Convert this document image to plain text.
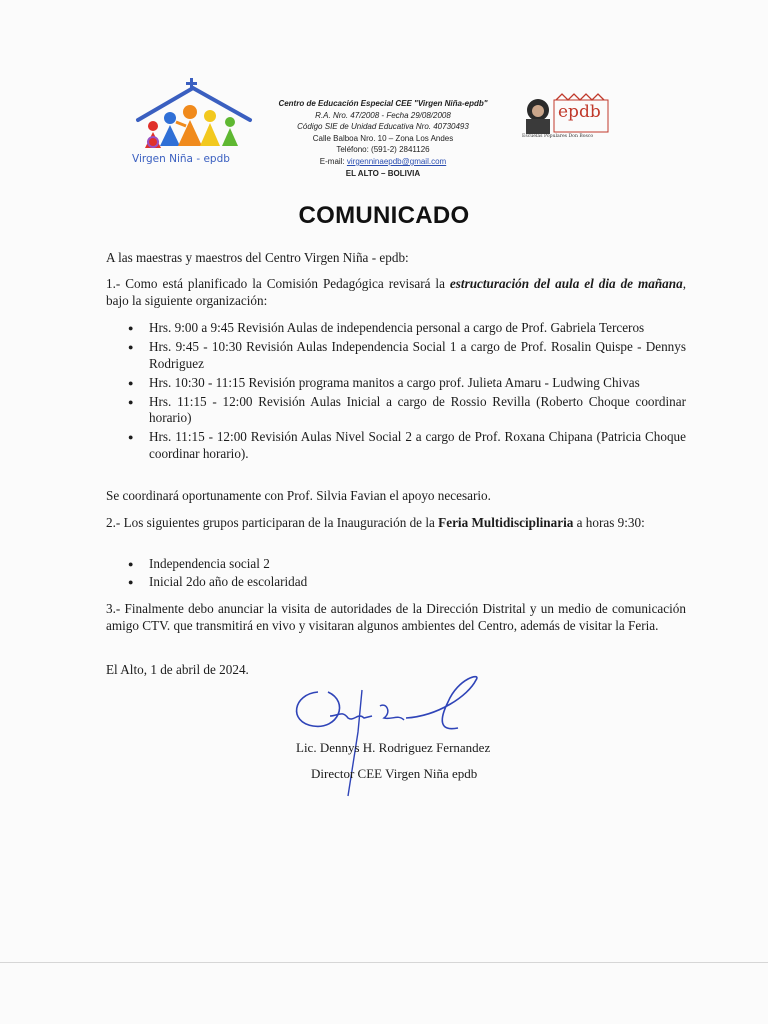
Virgen Niña - epdb
Centro de Educación Especial CEE "Virgen Niña-epdb"
R.A. Nro. 47/2008 - Fecha 29/08/2008
Código SIE de Unidad Educativa Nro. 40730493
Calle Balboa Nro. 10 – Zona Los Andes
Teléfono: (591-2) 2841126
E-mail: virgenninaepdb@gmail.com
EL ALTO – BOLIVIA
epdb
Escuelas Populares Don Bosco
COMUNICADO
A las maestras y maestros del Centro Virgen Niña - epdb:
1.- Como está planificado la Comisión Pedagógica revisará la estructuración del aula el dia de mañana, bajo la siguiente organización:
● Hrs. 9:00 a 9:45 Revisión Aulas de independencia personal a cargo de Prof. Gabriela Terceros
● Hrs. 9:45 - 10:30 Revisión Aulas Independencia Social 1 a cargo de Prof. Rosalin Quispe - Dennys Rodriguez
● Hrs. 10:30 - 11:15 Revisión programa manitos a cargo prof. Julieta Amaru - Ludwing Chivas
● Hrs. 11:15 - 12:00 Revisión Aulas Inicial a cargo de Rossio Revilla (Roberto Choque coordinar horario)
● Hrs. 11:15 - 12:00 Revisión Aulas Nivel Social 2 a cargo de Prof. Roxana Chipana (Patricia Choque coordinar horario).
Se coordinará oportunamente con Prof. Silvia Favian el apoyo necesario.
2.- Los siguientes grupos participaran de la Inauguración de la Feria Multidisciplinaria a horas 9:30:
● Independencia social 2
● Inicial 2do año de escolaridad
3.- Finalmente debo anunciar la visita de autoridades de la Dirección Distrital y un medio de comunicación amigo CTV. que transmitirá en vivo y visitaran algunos ambientes del Centro, además de visitar la Feria.
El Alto, 1 de abril de 2024.
Lic. Dennys H. Rodriguez Fernandez
Director CEE Virgen Niña epdb
